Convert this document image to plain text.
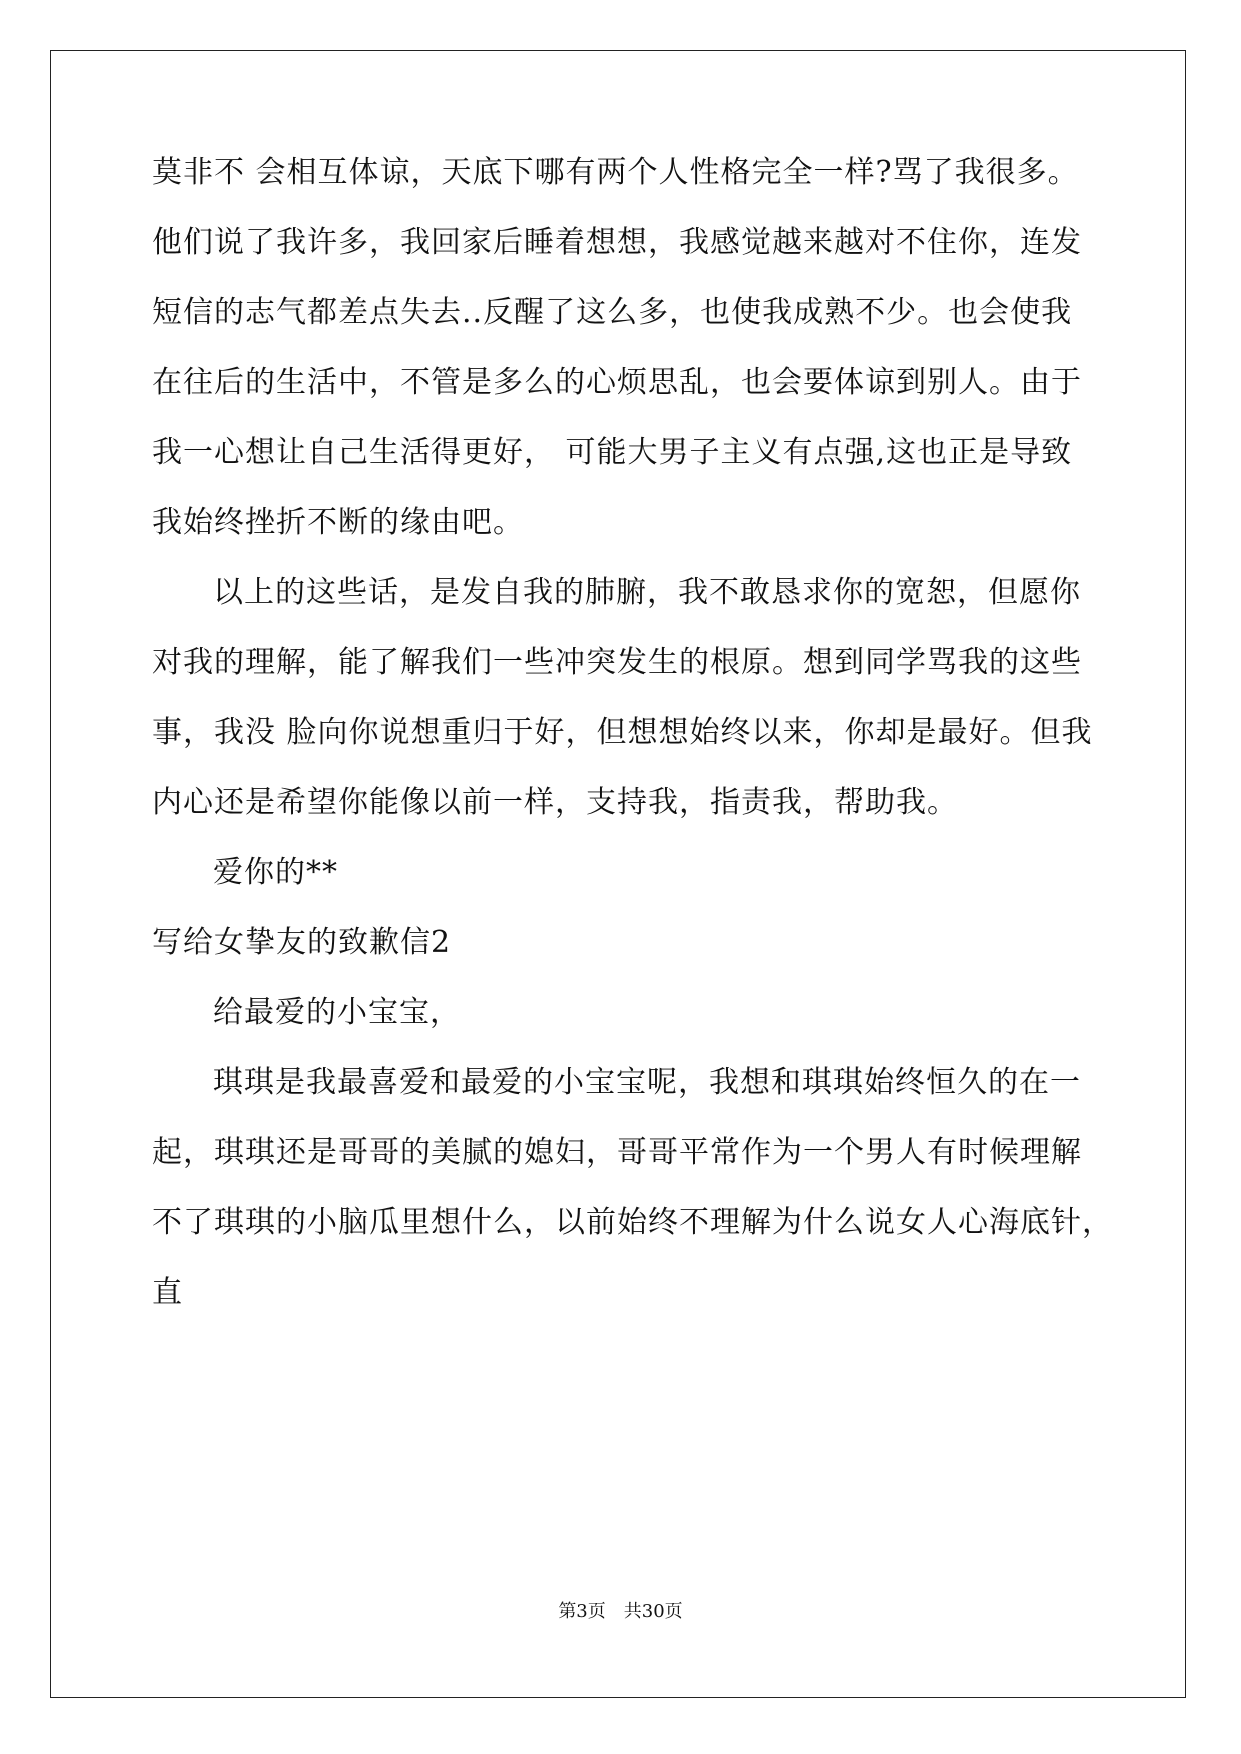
莫非不 会相互体谅，天底下哪有两个人性格完全一样?骂了我很多。
他们说了我许多，我回家后睡着想想，我感觉越来越对不住你，连发
短信的志气都差点失去..反醒了这么多，也使我成熟不少。也会使我
在往后的生活中，不管是多么的心烦思乱，也会要体谅到别人。由于
我一心想让自己生活得更好， 可能大男子主义有点强,这也正是导致
我始终挫折不断的缘由吧。
以上的这些话，是发自我的肺腑，我不敢恳求你的宽恕，但愿你
对我的理解，能了解我们一些冲突发生的根原。想到同学骂我的这些
事，我没 脸向你说想重归于好，但想想始终以来，你却是最好。但我
内心还是希望你能像以前一样，支持我，指责我，帮助我。
爱你的**
写给女挚友的致歉信2
给最爱的小宝宝，
琪琪是我最喜爱和最爱的小宝宝呢，我想和琪琪始终恒久的在一
起，琪琪还是哥哥的美腻的媳妇，哥哥平常作为一个男人有时候理解
不了琪琪的小脑瓜里想什么，以前始终不理解为什么说女人心海底针，
直
第3页　共30页
